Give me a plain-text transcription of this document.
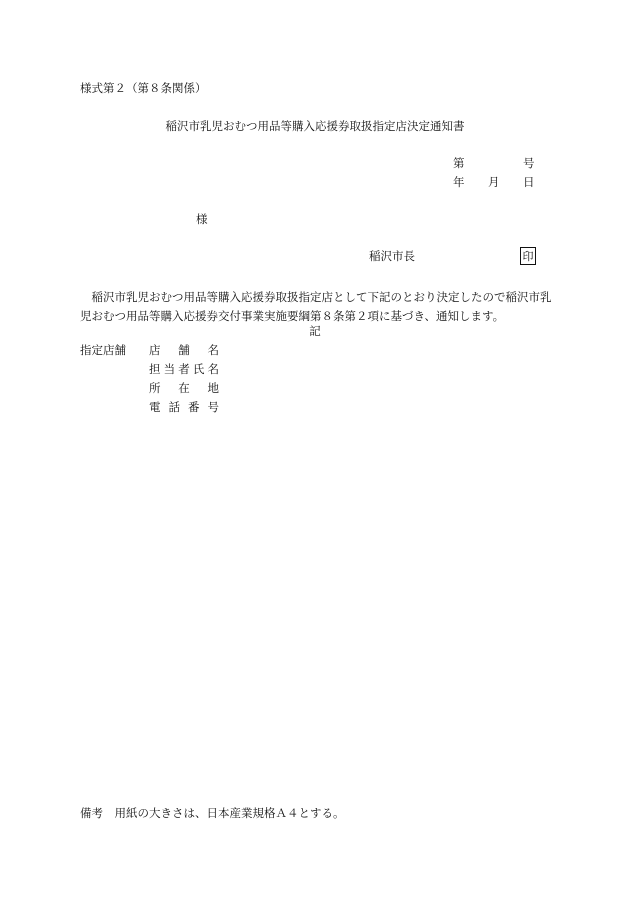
様式第２（第８条関係）
稲沢市乳児おむつ用品等購入応援券取扱指定店決定通知書
第	号
年 月 日
様
稲沢市長	印
稲沢市乳児おむつ用品等購入応援券取扱指定店として下記のとおり決定したので稲沢市乳児おむつ用品等購入応援券交付事業実施要綱第８条第２項に基づき、通知します。
記
指定店舗 店 舗 名
担 当 者 氏 名
所 在 地
電 話 番 号
備考　用紙の大きさは、日本産業規格Ａ４とする。
